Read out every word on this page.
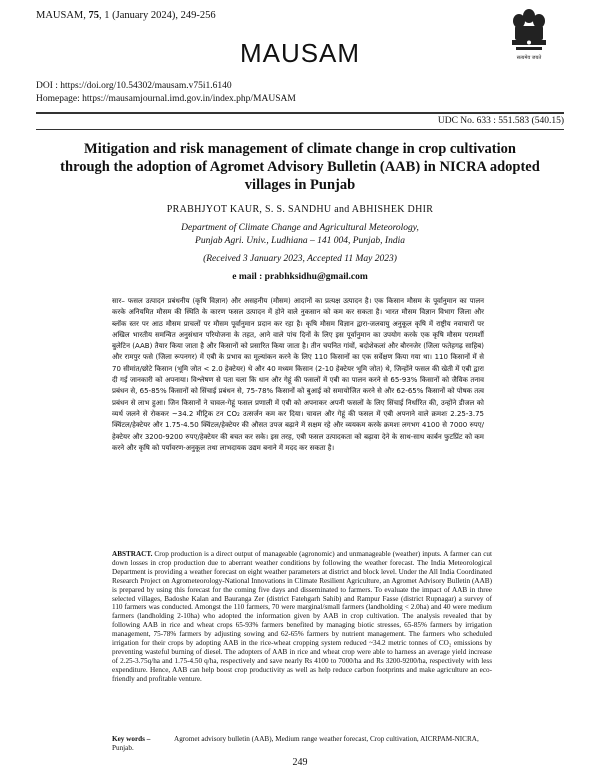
MAUSAM, 75, 1 (January 2024), 249-256
MAUSAM	सत्यमेव जयते
DOI : https://doi.org/10.54302/mausam.v75i1.6140
Homepage: https://mausamjournal.imd.gov.in/index.php/MAUSAM
UDC No. 633 : 551.583 (540.15)
Mitigation and risk management of climate change in crop cultivation through the adoption of Agromet Advisory Bulletin (AAB) in NICRA adopted villages in Punjab
PRABHJYOT KAUR, S. S. SANDHU and ABHISHEK DHIR
Department of Climate Change and Agricultural Meteorology,
Punjab Agri. Univ., Ludhiana – 141 004, Punjab, India
(Received 3 January 2023, Accepted 11 May 2023)
e mail : prabhksidhu@gmail.com
सार– फसल उत्पादन प्रबंधनीय (कृषि विज्ञान) और असहनीय (मौसम) आदानों का प्रत्यक्ष उत्पादन है। एक किसान मौसम के पूर्वानुमान का पालन करके अनियमित मौसम की स्थिति के कारण फसल उत्पादन में होने वाले नुकसान को कम कर सकता है। भारत मौसम विज्ञान विभाग जिला और ब्लॉक स्तर पर आठ मौसम प्राचलों पर मौसम पूर्वानुमान प्रदान कर रहा है। कृषि मौसम विज्ञान द्वारा-जलवायु अनुकूल कृषि में राष्ट्रीय नवाचारों पर अखिल भारतीय समन्वित अनुसंधान परियोजना के तहत, आने वाले पांच दिनों के लिए इस पूर्वानुमान का उपयोग करके एक कृषि मौसम परामर्शी बुलेटिन (AAB) तैयार किया जाता है और किसानों को प्रसारित किया जाता है। तीन चयनित गांवों, बदोशेकलां और बौरनजेर (जिला फतेहगढ़ साहिब) और रामपुर फसे (जिला रूपनगर) में एबी के प्रभाव का मूल्यांकन करने के लिए 110 किसानों का एक सर्वेक्षण किया गया था। 110 किसानों में से 70 सीमांत/छोटे किसान (भूमि जोत < 2.0 हेक्टेयर) थे और 40 मध्यम किसान (2-10 हेक्टेयर भूमि जोत) थे, जिन्होंने फसल की खेती में एबी द्वारा दी गई जानकारी को अपनाया। विश्लेषण से पता चला कि धान और गेहूं की फसलों में एबी का पालन करने से 65-93% किसानों को जैविक तनाव प्रबंधन से, 65-85% किसानों को सिंचाई प्रबंधन से, 75-78% किसानों को बुआई को समायोजित करने से और 62-65% किसानों को पोषक तत्व प्रबंधन से लाभ हुआ। जिन किसानों ने चावल-गेहूं फसल प्रणाली में एबी को अपनाकर अपनी फसलों के लिए सिंचाई निर्धारित की, उन्होंने डीजल को व्यर्थ जलने से रोककर ~34.2 मीट्रिक टन CO₂ उत्सर्जन कम कर दिया। चावल और गेहूं की फसल में एबी अपनाने वाले क्रमशः 2.25-3.75 क्विंटल/हेक्टेयर और 1.75-4.50 क्विंटल/हेक्टेयर की औसत उपज बढ़ाने में सक्षम रहे और व्ययकम करके क्रमशः लगभग 4100 से 7000 रुपए/हेक्टेयर और 3200-9200 रुपए/हेक्टेयर की बचत कर सके। इस तरह, एबी फसल उत्पादकता को बढ़ावा देने के साथ-साथ कार्बन फुटप्रिंट को कम करने और कृषि को पर्यावरण-अनुकूल तथा लाभदायक उद्यम बनाने में मदद कर सकता है।
ABSTRACT. Crop production is a direct output of manageable (agronomic) and unmanageable (weather) inputs. A farmer can cut down losses in crop production due to aberrant weather conditions by following the weather forecast. The India Meteorological Department is providing a weather forecast on eight weather parameters at district and block level. Under the All India Coordinated Research Project on Agrometeorology-National Innovations in Climate Resilient Agriculture, an Agromet Advisory Bulletin (AAB) is prepared by using this forecast for the coming five days and disseminated to farmers. To evaluate the impact of AAB in three selected villages, Badoshe Kalan and Bauranga Zer (district Fatehgarh Sahib) and Rampur Fasse (district Rupnagar) a survey of 110 farmers was conducted. Amongst the 110 farmers, 70 were marginal/small farmers (landholding < 2.0ha) and 40 were medium farmers (landholding 2-10ha) who adopted the information given by AAB in crop cultivation. The analysis revealed that by following AAB in rice and wheat crops 65-93% farmers benefited by managing biotic stresses, 65-85% farmers by irrigation management, 75-78% farmers by adjusting sowing and 62-65% farmers by nutrient management. The farmers who scheduled irrigation for their crops by adopting AAB in the rice-wheat cropping system reduced ~34.2 metric tonnes of CO₂ emissions by preventing wasteful burning of diesel. The adopters of AAB in rice and wheat crop were able to harness an average yield increase of 2.25-3.75q/ha and 1.75-4.50 q/ha, respectively and save nearly Rs 4100 to 7000/ha and Rs 3200-9200/ha, respectively with less expenditure. Hence, AAB can help boost crop productivity as well as help reduce carbon footprints and make agriculture an eco-friendly and profitable venture.
Key words –	Agromet advisory bulletin (AAB), Medium range weather forecast, Crop cultivation, AICRPAM-NICRA, Punjab.
249
